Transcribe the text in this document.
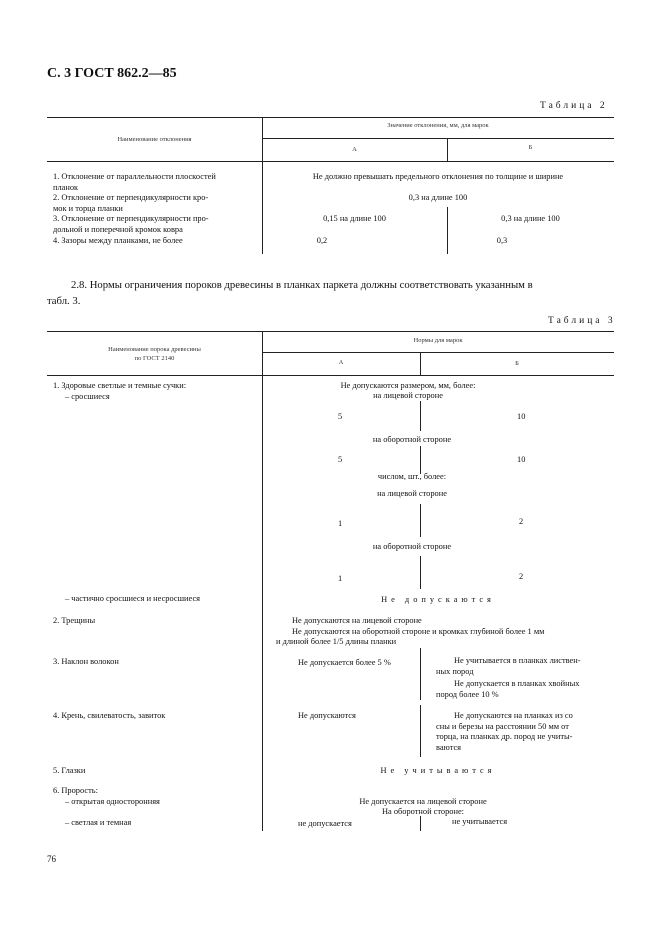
С. 3 ГОСТ 862.2—85
Таблица 2
Наименование отклонения
Значение отклонения, мм, для марок
А	Б
1. Отклонение от параллельности плоскостей
планок
Не должно превышать предельного отклонения по толщине и ширине
2. Отклонение от перпендикулярности кро-
мок и торца планки
0,3 на длине 100
3. Отклонение от перпендикулярности про-
дольной и поперечной кромок ковра
0,15 на длине 100	0,3 на длине 100
4. Зазоры между планками, не более	0,2	0,3
2.8. Нормы ограничения пороков древесины в планках паркета должны соответствовать указанным в
табл. 3.
Таблица 3
Наименование порока древесины
по ГОСТ 2140
Нормы для марок
А	Б
1. Здоровые светлые и темные сучки:
– сросшиеся
Не допускаются размером, мм, более:
на лицевой стороне
5	10
на оборотной стороне
5	10
числом, шт., более:
на лицевой стороне
1	2
на оборотной стороне
1	2
– частично сросшиеся и несросшиеся	Не допускаются
2. Трещины	Не допускаются на лицевой стороне
Не допускаются на оборотной стороне и кромках глубиной более 1 мм
и длиной более 1/5 длины планки
3. Наклон волокон	Не допускается более 5 %	Не учитывается в планках листвен-
ных пород
Не допускается в планках хвойных
пород более 10 %
4. Крень, свилеватость, завиток	Не допускаются	Не допускаются на планках из со
сны и березы на расстоянии 50 мм от
торца, на планках др. пород не учиты-
ваются
5. Глазки	Не учитываются
6. Прорость:
– открытая односторонняя	Не допускается на лицевой стороне
На оборотной стороне:
– светлая и темная	не допускается	не учитывается
76
